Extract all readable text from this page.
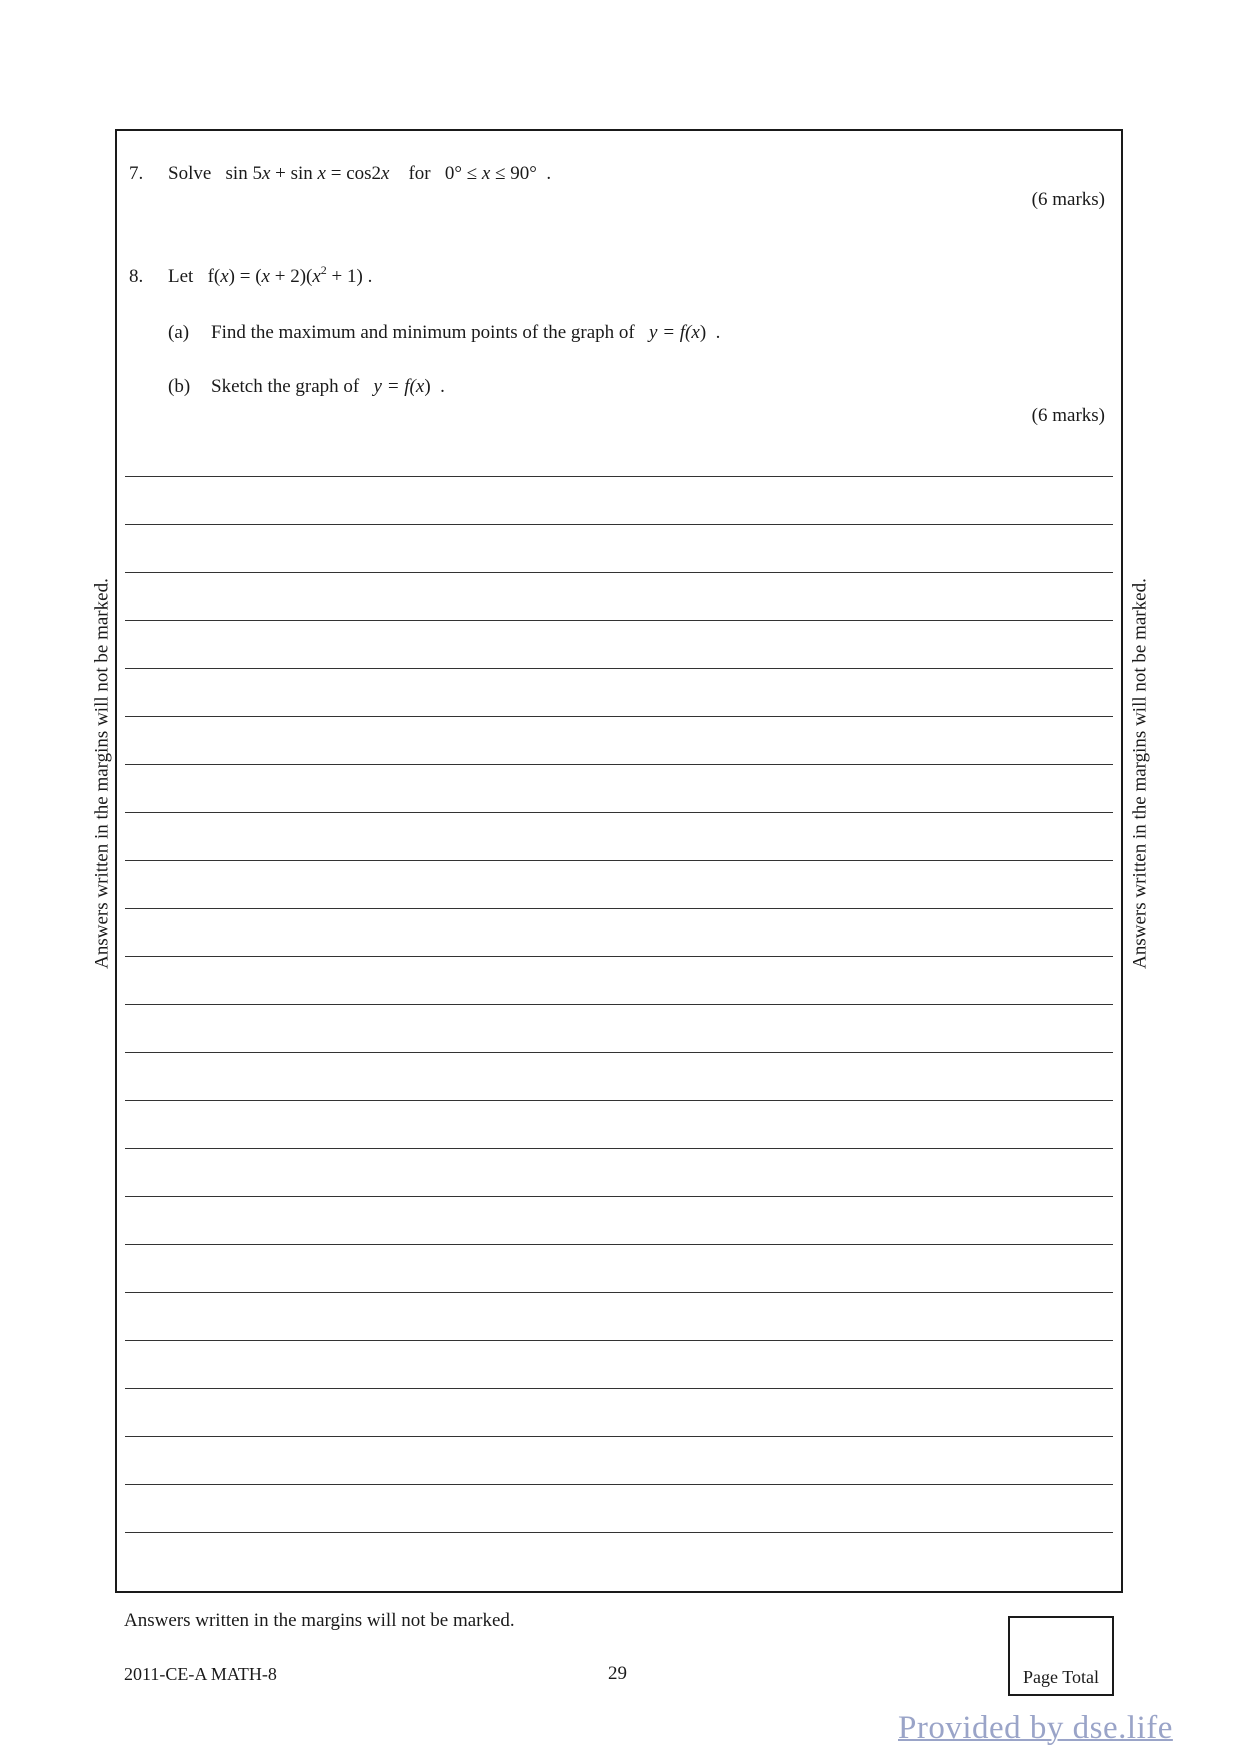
Answers written in the margins will not be marked.	Answers written in the margins will not be marked.
7. Solve sin 5x + sin x = cos2x for 0° ≤ x ≤ 90° .
(6 marks)
8. Let $f(x) = (x + 2)(x^2 + 1)$ .
(a) Find the maximum and minimum points of the graph of y = f(x) .
(b) Sketch the graph of y = f(x) .
(6 marks)
Answers written in the margins will not be marked.
2011-CE-A MATH-8	29	Page Total
Provided by dse.life
